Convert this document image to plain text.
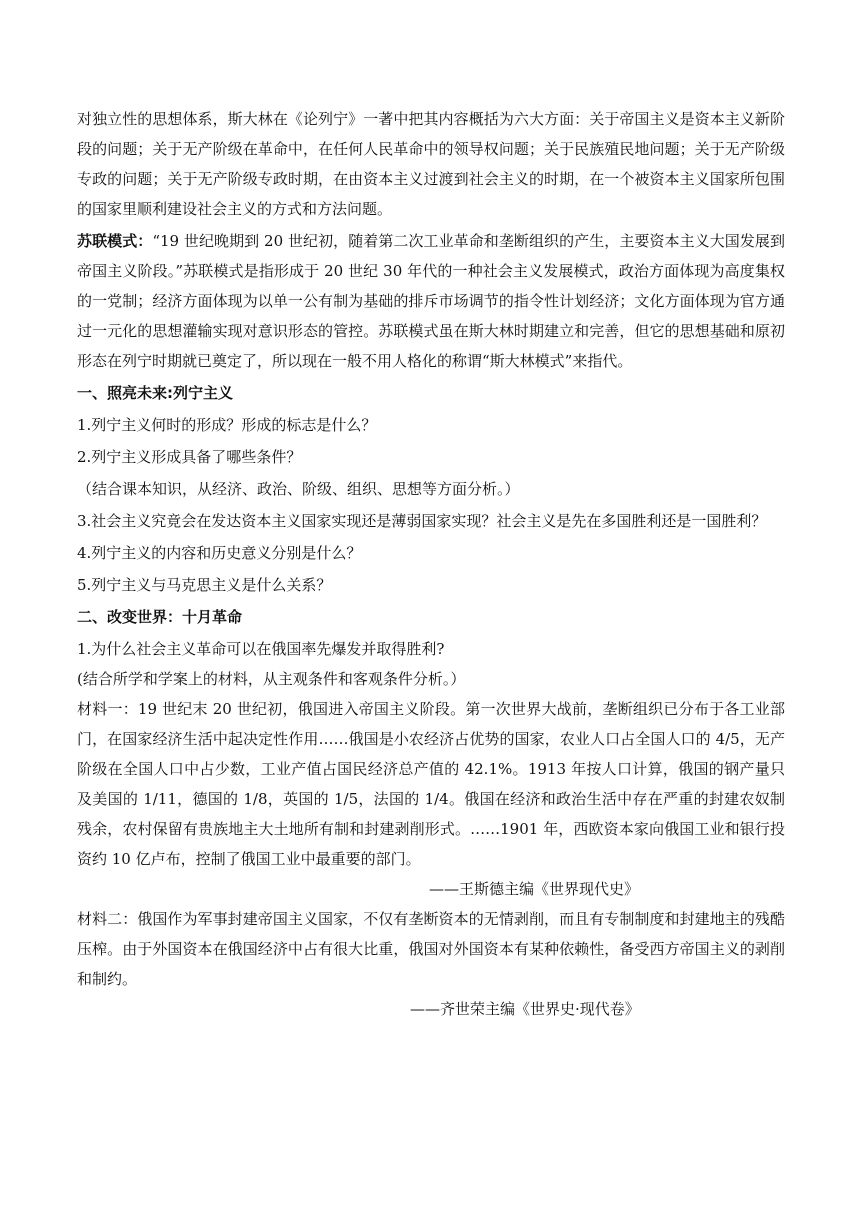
对独立性的思想体系，斯大林在《论列宁》一著中把其内容概括为六大方面：关于帝国主义是资本主义新阶段的问题；关于无产阶级在革命中，在任何人民革命中的领导权问题；关于民族殖民地问题；关于无产阶级专政的问题；关于无产阶级专政时期，在由资本主义过渡到社会主义的时期，在一个被资本主义国家所包围的国家里顺利建设社会主义的方式和方法问题。

苏联模式：“19 世纪晚期到 20 世纪初，随着第二次工业革命和垄断组织的产生，主要资本主义大国发展到帝国主义阶段。”苏联模式是指形成于 20 世纪 30 年代的一种社会主义发展模式，政治方面体现为高度集权的一党制；经济方面体现为以单一公有制为基础的排斥市场调节的指令性计划经济；文化方面体现为官方通过一元化的思想灌输实现对意识形态的管控。苏联模式虽在斯大林时期建立和完善，但它的思想基础和原初形态在列宁时期就已奠定了，所以现在一般不用人格化的称谓“斯大林模式”来指代。

一、照亮未来:列宁主义

1.列宁主义何时的形成？形成的标志是什么？

2.列宁主义形成具备了哪些条件？

（结合课本知识，从经济、政治、阶级、组织、思想等方面分析。）

3.社会主义究竟会在发达资本主义国家实现还是薄弱国家实现？社会主义是先在多国胜利还是一国胜利？

4.列宁主义的内容和历史意义分别是什么？

5.列宁主义与马克思主义是什么关系？

二、改变世界：十月革命

1.为什么社会主义革命可以在俄国率先爆发并取得胜利?

(结合所学和学案上的材料，从主观条件和客观条件分析。）

材料一：19 世纪末 20 世纪初，俄国进入帝国主义阶段。第一次世界大战前，垄断组织已分布于各工业部门，在国家经济生活中起决定性作用……俄国是小农经济占优势的国家，农业人口占全国人口的 4/5，无产阶级在全国人口中占少数，工业产值占国民经济总产值的 42.1%。1913 年按人口计算，俄国的钢产量只及美国的 1/11，德国的 1/8，英国的 1/5，法国的 1/4。俄国在经济和政治生活中存在严重的封建农奴制残余，农村保留有贵族地主大土地所有制和封建剥削形式。……1901 年，西欧资本家向俄国工业和银行投资约 10 亿卢布，控制了俄国工业中最重要的部门。

——王斯德主编《世界现代史》

材料二：俄国作为军事封建帝国主义国家，不仅有垄断资本的无情剥削，而且有专制制度和封建地主的残酷压榨。由于外国资本在俄国经济中占有很大比重，俄国对外国资本有某种依赖性，备受西方帝国主义的剥削和制约。

——齐世荣主编《世界史·现代卷》
